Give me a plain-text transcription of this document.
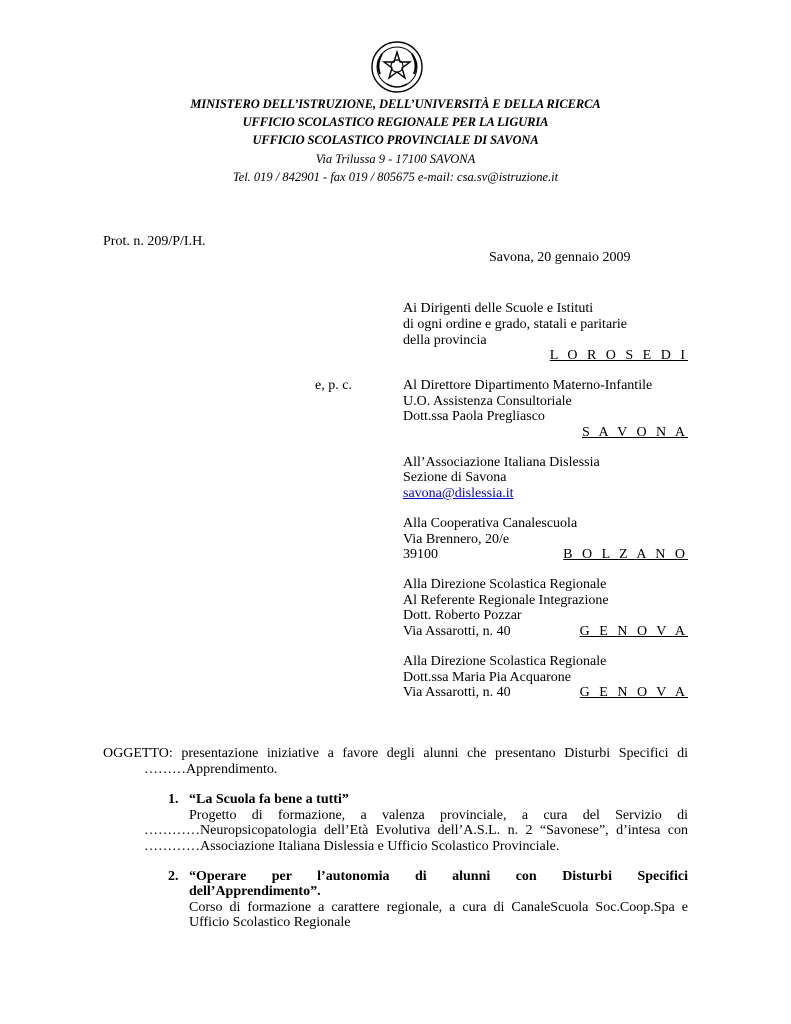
MINISTERO DELL’ISTRUZIONE, DELL’UNIVERSITÀ E DELLA RICERCA
UFFICIO SCOLASTICO REGIONALE PER LA LIGURIA
UFFICIO SCOLASTICO PROVINCIALE DI SAVONA
Via Trilussa 9 - 17100 SAVONA
Tel. 019 / 842901 - fax 019 / 805675 e-mail: csa.sv@istruzione.it
Prot. n. 209/P/I.H.
Savona, 20 gennaio 2009
Ai Dirigenti delle Scuole e Istituti
di ogni ordine e grado, statali e paritarie
della provincia
L O R O S E D I
e, p. c.	Al Direttore Dipartimento Materno-Infantile
U.O. Assistenza Consultoriale
Dott.ssa Paola Pregliasco
S A V O N A
All’Associazione Italiana Dislessia
Sezione di Savona
savona@dislessia.it
Alla Cooperativa Canalescuola
Via Brennero, 20/e
39100	B O L Z A N O
Alla Direzione Scolastica Regionale
Al Referente Regionale Integrazione
Dott. Roberto Pozzar
Via Assarotti, n. 40	G E N O V A
Alla Direzione Scolastica Regionale
Dott.ssa Maria Pia Acquarone
Via Assarotti, n. 40	G E N O V A
OGGETTO: presentazione iniziative a favore degli alunni che presentano Disturbi Specifici di
………Apprendimento.
1. “La Scuola fa bene a tutti”
Progetto di formazione, a valenza provinciale, a cura del Servizio di
…………Neuropsicopatologia dell’Età Evolutiva dell’A.S.L. n. 2 “Savonese”, d’intesa con
…………Associazione Italiana Dislessia e Ufficio Scolastico Provinciale.
2. “Operare per l’autonomia di alunni con Disturbi Specifici
dell’Apprendimento”.
Corso di formazione a carattere regionale, a cura di CanaleScuola Soc.Coop.Spa e
Ufficio Scolastico Regionale
